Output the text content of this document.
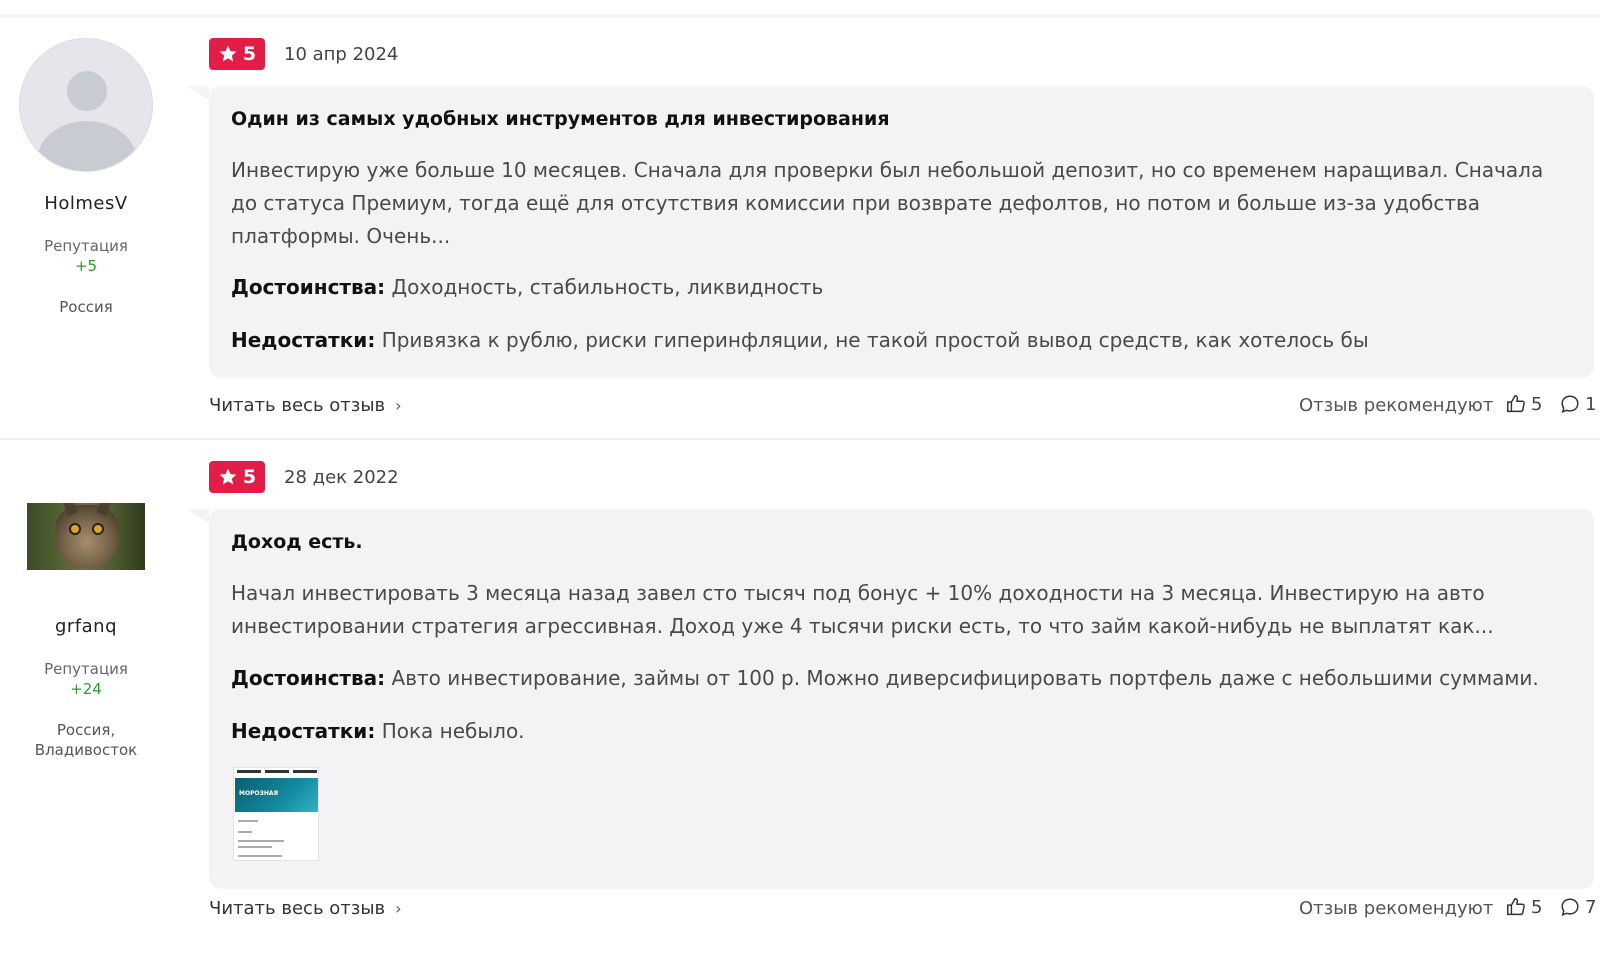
HolmesV
Репутация
+5
Россия
5 10 апр 2024
Один из самых удобных инструментов для инвестирования
Инвестирую уже больше 10 месяцев. Сначала для проверки был небольшой депозит, но со временем наращивал. Сначала до статуса Премиум, тогда ещё для отсутствия комиссии при возврате дефолтов, но потом и больше из-за удобства платформы. Очень...
Достоинства: Доходность, стабильность, ликвидность
Недостатки: Привязка к рублю, риски гиперинфляции, не такой простой вывод средств, как хотелось бы
Читать весь отзыв ›	Отзыв рекомендуют 5 1
grfanq
Репутация
+24
Россия,
Владивосток
5 28 дек 2022
Доход есть.
Начал инвестировать 3 месяца назад завел сто тысяч под бонус + 10% доходности на 3 месяца. Инвестирую на авто инвестировании стратегия агрессивная. Доход уже 4 тысячи риски есть, то что займ какой-нибудь не выплатят как...
Достоинства: Авто инвестирование, займы от 100 р. Можно диверсифицировать портфель даже с небольшими суммами.
Недостатки: Пока небыло.
МОРОЗНАЯ
Читать весь отзыв ›	Отзыв рекомендуют 5 7
